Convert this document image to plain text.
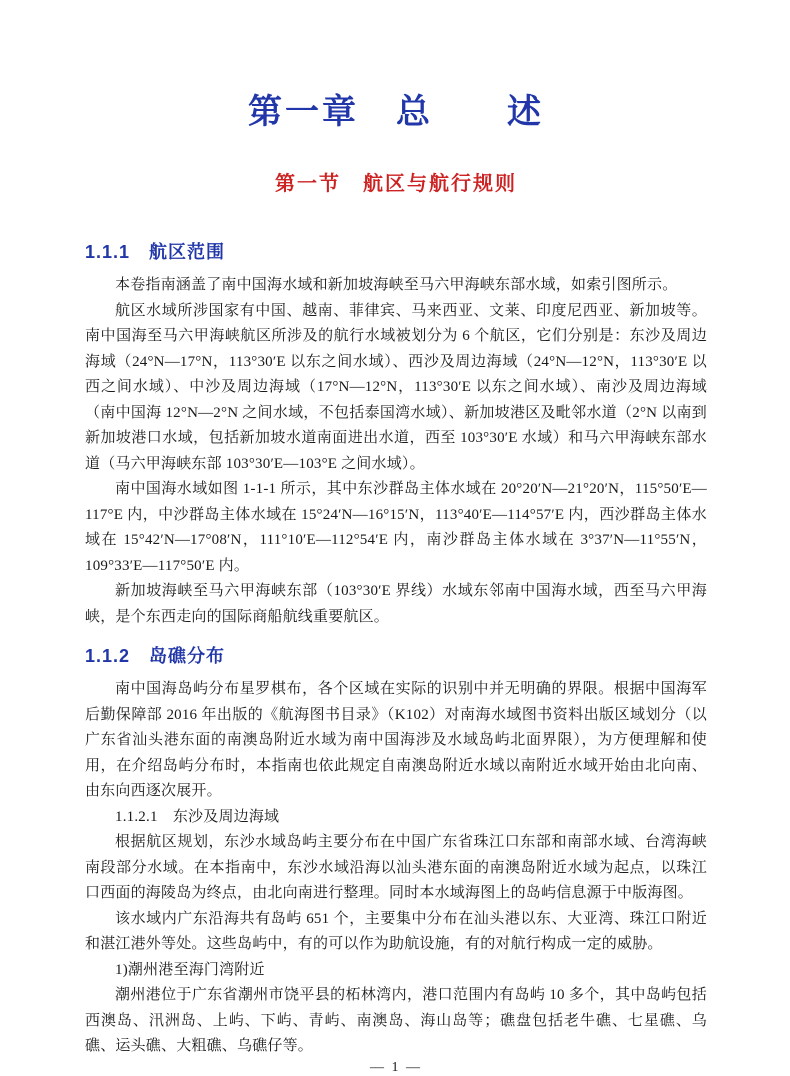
第一章　总　　述
第一节　航区与航行规则
1.1.1　航区范围

本卷指南涵盖了南中国海水域和新加坡海峡至马六甲海峡东部水域，如索引图所示。

航区水域所涉国家有中国、越南、菲律宾、马来西亚、文莱、印度尼西亚、新加坡等。南中国海至马六甲海峡航区所涉及的航行水域被划分为 6 个航区，它们分别是：东沙及周边海域（24°N—17°N，113°30′E 以东之间水域）、西沙及周边海域（24°N—12°N，113°30′E 以西之间水域）、中沙及周边海域（17°N—12°N，113°30′E 以东之间水域）、南沙及周边海域（南中国海 12°N—2°N 之间水域，不包括泰国湾水域）、新加坡港区及毗邻水道（2°N 以南到新加坡港口水域，包括新加坡水道南面进出水道，西至 103°30′E 水域）和马六甲海峡东部水道（马六甲海峡东部 103°30′E—103°E 之间水域）。

南中国海水域如图 1-1-1 所示，其中东沙群岛主体水域在 20°20′N—21°20′N，115°50′E—117°E 内，中沙群岛主体水域在 15°24′N—16°15′N，113°40′E—114°57′E 内，西沙群岛主体水域在 15°42′N—17°08′N，111°10′E—112°54′E 内，南沙群岛主体水域在 3°37′N—11°55′N，109°33′E—117°50′E 内。

新加坡海峡至马六甲海峡东部（103°30′E 界线）水域东邻南中国海水域，西至马六甲海峡，是个东西走向的国际商船航线重要航区。

1.1.2　岛礁分布

南中国海岛屿分布星罗棋布，各个区域在实际的识别中并无明确的界限。根据中国海军后勤保障部 2016 年出版的《航海图书目录》（K102）对南海水域图书资料出版区域划分（以广东省汕头港东面的南澳岛附近水域为南中国海涉及水域岛屿北面界限），为方便理解和使用，在介绍岛屿分布时，本指南也依此规定自南澳岛附近水域以南附近水域开始由北向南、由东向西逐次展开。

1.1.2.1　东沙及周边海域

根据航区规划，东沙水域岛屿主要分布在中国广东省珠江口东部和南部水域、台湾海峡南段部分水域。在本指南中，东沙水域沿海以汕头港东面的南澳岛附近水域为起点，以珠江口西面的海陵岛为终点，由北向南进行整理。同时本水域海图上的岛屿信息源于中版海图。

该水域内广东沿海共有岛屿 651 个，主要集中分布在汕头港以东、大亚湾、珠江口附近和湛江港外等处。这些岛屿中，有的可以作为助航设施，有的对航行构成一定的威胁。

1)潮州港至海门湾附近

潮州港位于广东省潮州市饶平县的柘林湾内，港口范围内有岛屿 10 多个，其中岛屿包括西澳岛、汛洲岛、上屿、下屿、青屿、南澳岛、海山岛等；礁盘包括老牛礁、七星礁、乌礁、运头礁、大粗礁、乌礁仔等。

— 1 —
